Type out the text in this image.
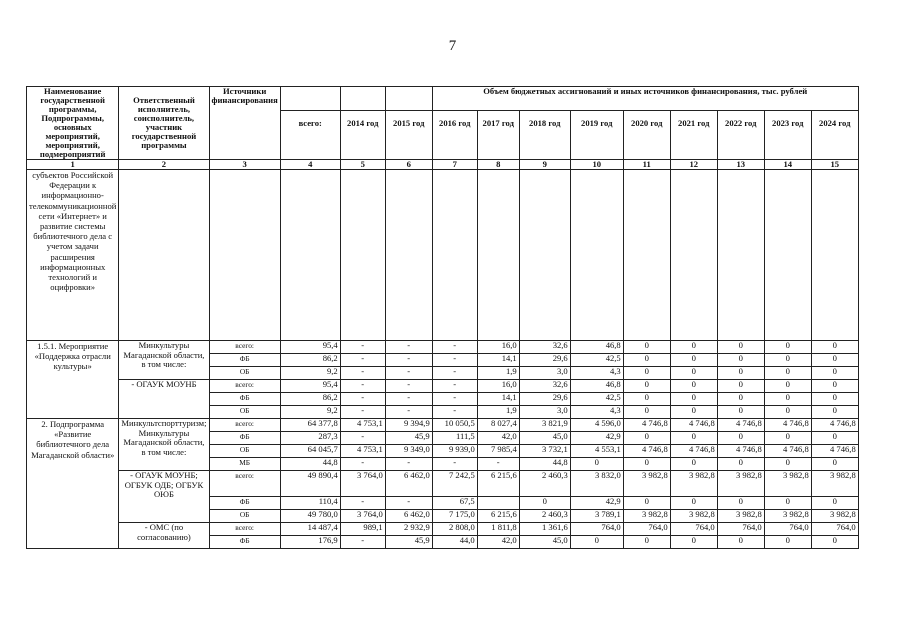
7
Наименование государственной программы, Подпрограммы, основных мероприятий, мероприятий, подмероприятий	Ответственный исполнитель, соисполнитель, участник государственной программы	Источники финансирования				Объем бюджетных ассигнований и иных источников финансирования, тыс. рублей								
			всего:	2014 год	2015 год	2016 год	2017 год	2018 год	2019 год	2020 год	2021 год	2022 год	2023 год	2024 год
1	2	3	4	5	6	7	8	9	10	11	12	13	14	15

субъектов Российской Федерации к информационно-телекоммуникационной сети «Интернет» и развитие системы библиотечного дела с учетом задачи расширения информационных технологий и оцифровки»														

1.5.1. Мероприятие «Поддержка отрасли культуры»	Минкультуры Магаданской области, в том числе:	всего:	95,4	-	-	-	16,0	32,6	46,8	0	0	0	0	0
		ФБ	86,2	-	-	-	14,1	29,6	42,5	0	0	0	0	0
		ОБ	9,2	-	-	-	1,9	3,0	4,3	0	0	0	0	0

	- ОГАУК МОУНБ	всего:	95,4	-	-	-	16,0	32,6	46,8	0	0	0	0	0
		ФБ	86,2	-	-	-	14,1	29,6	42,5	0	0	0	0	0
		ОБ	9,2	-	-	-	1,9	3,0	4,3	0	0	0	0	0

2. Подпрограмма «Развитие библиотечного дела Магаданской области»	Минкультспорттуризм; Минкультуры Магаданской области, в том числе:	всего:	64 377,8	4 753,1	9 394,9	10 050,5	8 027,4	3 821,9	4 596,0	4 746,8	4 746,8	4 746,8	4 746,8	4 746,8
		ФБ	287,3	-	45,9	111,5	42,0	45,0	42,9	0	0	0	0	0
		ОБ	64 045,7	4 753,1	9 349,0	9 939,0	7 985,4	3 732,1	4 553,1	4 746,8	4 746,8	4 746,8	4 746,8	4 746,8
		МБ	44,8	-	-	-	-	44,8	0	0	0	0	0	0

	- ОГАУК МОУНБ; ОГБУК ОДБ; ОГБУК ОЮБ	всего:	49 890,4	3 764,0	6 462,0	7 242,5	6 215,6	2 460,3	3 832,0	3 982,8	3 982,8	3 982,8	3 982,8	3 982,8
		ФБ	110,4	-	-	67,5		0	42,9	0	0	0	0	0
		ОБ	49 780,0	3 764,0	6 462,0	7 175,0	6 215,6	2 460,3	3 789,1	3 982,8	3 982,8	3 982,8	3 982,8	3 982,8

	- ОМС (по согласованию)	всего:	14 487,4	989,1	2 932,9	2 808,0	1 811,8	1 361,6	764,0	764,0	764,0	764,0	764,0	764,0
		ФБ	176,9	-	45,9	44,0	42,0	45,0	0	0	0	0	0	0
